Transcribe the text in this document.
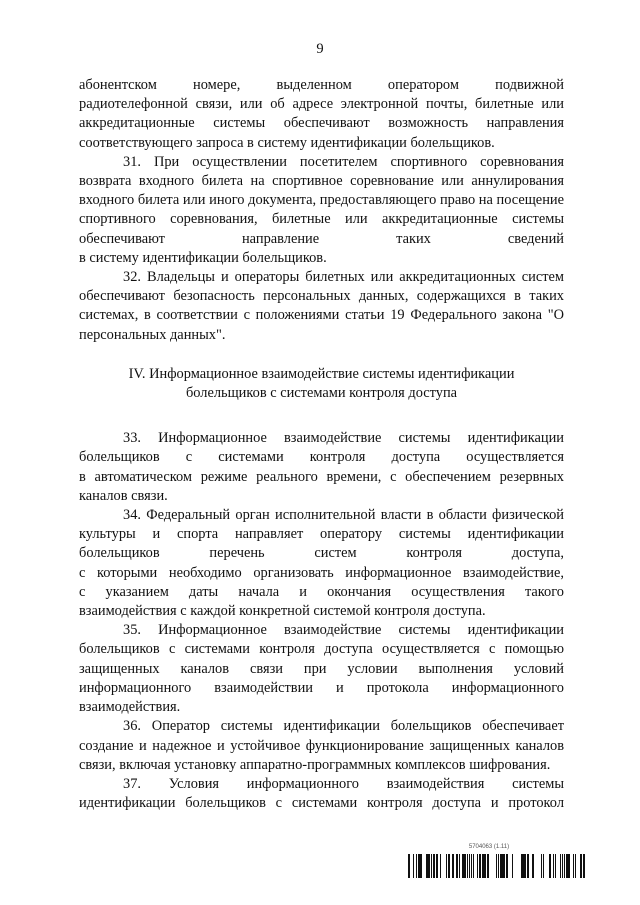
9

абонентском номере, выделенном оператором подвижной

радиотелефонной связи, или об адресе электронной почты, билетные или аккредитационные системы обеспечивают возможность направления соответствующего запроса в систему идентификации болельщиков.

31. При осуществлении посетителем спортивного соревнования возврата входного билета на спортивное соревнование или аннулирования входного билета или иного документа, предоставляющего право на посещение спортивного соревнования, билетные или аккредитационные системы обеспечивают направление таких сведений

в систему идентификации болельщиков.

32. Владельцы и операторы билетных или аккредитационных систем обеспечивают безопасность персональных данных, содержащихся в таких системах, в соответствии с положениями статьи 19 Федерального закона "О персональных данных".

IV. Информационное взаимодействие системы идентификации
болельщиков с системами контроля доступа

33. Информационное взаимодействие системы идентификации болельщиков с системами контроля доступа осуществляется

в автоматическом режиме реального времени, с обеспечением резервных каналов связи.

34. Федеральный орган исполнительной власти в области физической культуры и спорта направляет оператору системы идентификации болельщиков перечень систем контроля доступа,

с которыми необходимо организовать информационное взаимодействие,

с указанием даты начала и окончания осуществления такого

взаимодействия с каждой конкретной системой контроля доступа.

35. Информационное взаимодействие системы идентификации болельщиков с системами контроля доступа осуществляется с помощью защищенных каналов связи при условии выполнения условий информационного взаимодействии и протокола информационного взаимодействия.

36. Оператор системы идентификации болельщиков обеспечивает создание и надежное и устойчивое функционирование защищенных каналов связи, включая установку аппаратно-программных комплексов шифрования.

37. Условия информационного взаимодействия системы идентификации болельщиков с системами контроля доступа и протокол

5704063 (1.11)
